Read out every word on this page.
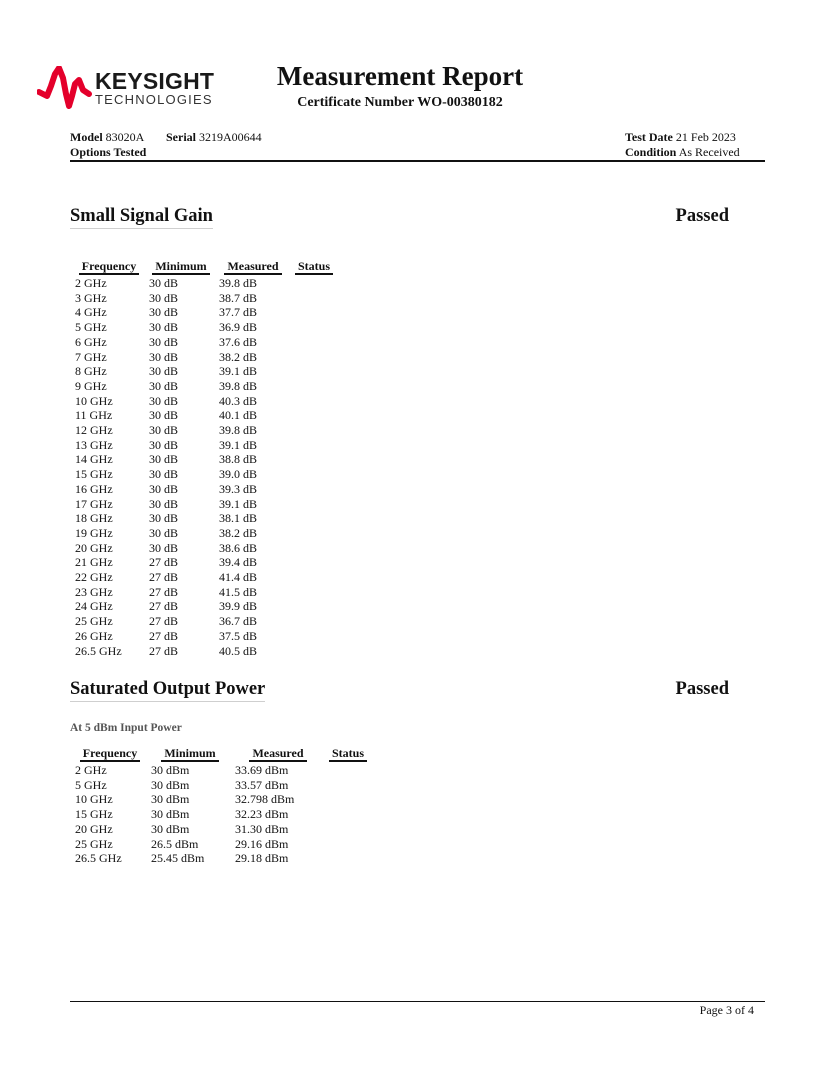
KEYSIGHT
TECHNOLOGIES
Measurement Report
Certificate Number WO-00380182
Model 83020A Serial 3219A00644
Options Tested
Test Date 21 Feb 2023
Condition As Received
Small Signal Gain	Passed
Frequency	Minimum	Measured	Status
2 GHz	30 dB	39.8 dB	
3 GHz	30 dB	38.7 dB	
4 GHz	30 dB	37.7 dB	
5 GHz	30 dB	36.9 dB	
6 GHz	30 dB	37.6 dB	
7 GHz	30 dB	38.2 dB	
8 GHz	30 dB	39.1 dB	
9 GHz	30 dB	39.8 dB	
10 GHz	30 dB	40.3 dB	
11 GHz	30 dB	40.1 dB	
12 GHz	30 dB	39.8 dB	
13 GHz	30 dB	39.1 dB	
14 GHz	30 dB	38.8 dB	
15 GHz	30 dB	39.0 dB	
16 GHz	30 dB	39.3 dB	
17 GHz	30 dB	39.1 dB	
18 GHz	30 dB	38.1 dB	
19 GHz	30 dB	38.2 dB	
20 GHz	30 dB	38.6 dB	
21 GHz	27 dB	39.4 dB	
22 GHz	27 dB	41.4 dB	
23 GHz	27 dB	41.5 dB	
24 GHz	27 dB	39.9 dB	
25 GHz	27 dB	36.7 dB	
26 GHz	27 dB	37.5 dB	
26.5 GHz	27 dB	40.5 dB	
Saturated Output Power	Passed
At 5 dBm Input Power
Frequency	Minimum	Measured	Status
2 GHz	30 dBm	33.69 dBm	
5 GHz	30 dBm	33.57 dBm	
10 GHz	30 dBm	32.798 dBm	
15 GHz	30 dBm	32.23 dBm	
20 GHz	30 dBm	31.30 dBm	
25 GHz	26.5 dBm	29.16 dBm	
26.5 GHz	25.45 dBm	29.18 dBm	
Page 3 of 4
